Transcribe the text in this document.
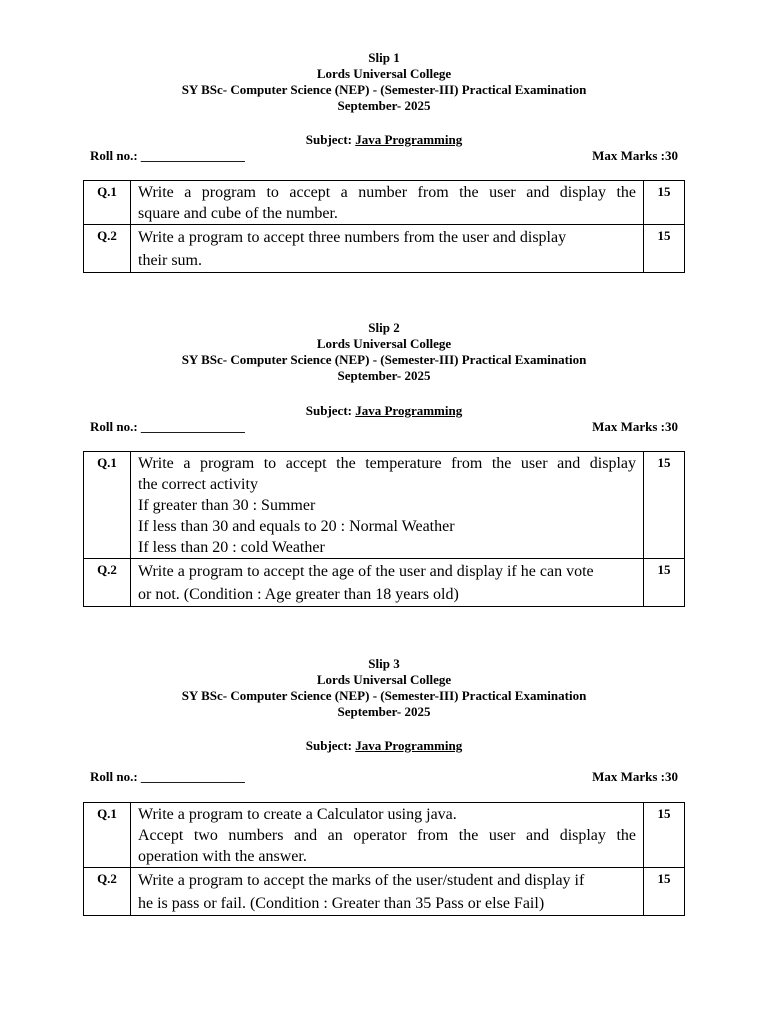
Slip 1
Lords Universal College
SY BSc- Computer Science (NEP) - (Semester-III) Practical Examination
September- 2025
Subject: Java Programming
Roll no.: ________________	Max Marks :30
Q.1	Write a program to accept a number from the user and display the
square and cube of the number.	15
Q.2	Write a program to accept three numbers from the user and display
their sum.	15
Slip 2
Lords Universal College
SY BSc- Computer Science (NEP) - (Semester-III) Practical Examination
September- 2025
Subject: Java Programming
Roll no.: ________________	Max Marks :30
Q.1	Write a program to accept the temperature from the user and display
the correct activity
If greater than 30 : Summer
If less than 30 and equals to 20 : Normal Weather
If less than 20 : cold Weather	15
Q.2	Write a program to accept the age of the user and display if he can vote
or not. (Condition : Age greater than 18 years old)	15
Slip 3
Lords Universal College
SY BSc- Computer Science (NEP) - (Semester-III) Practical Examination
September- 2025
Subject: Java Programming
Roll no.: ________________	Max Marks :30
Q.1	Write a program to create a Calculator using java.
Accept two numbers and an operator from the user and display the
operation with the answer.	15
Q.2	Write a program to accept the marks of the user/student and display if
he is pass or fail. (Condition : Greater than 35 Pass or else Fail)	15
